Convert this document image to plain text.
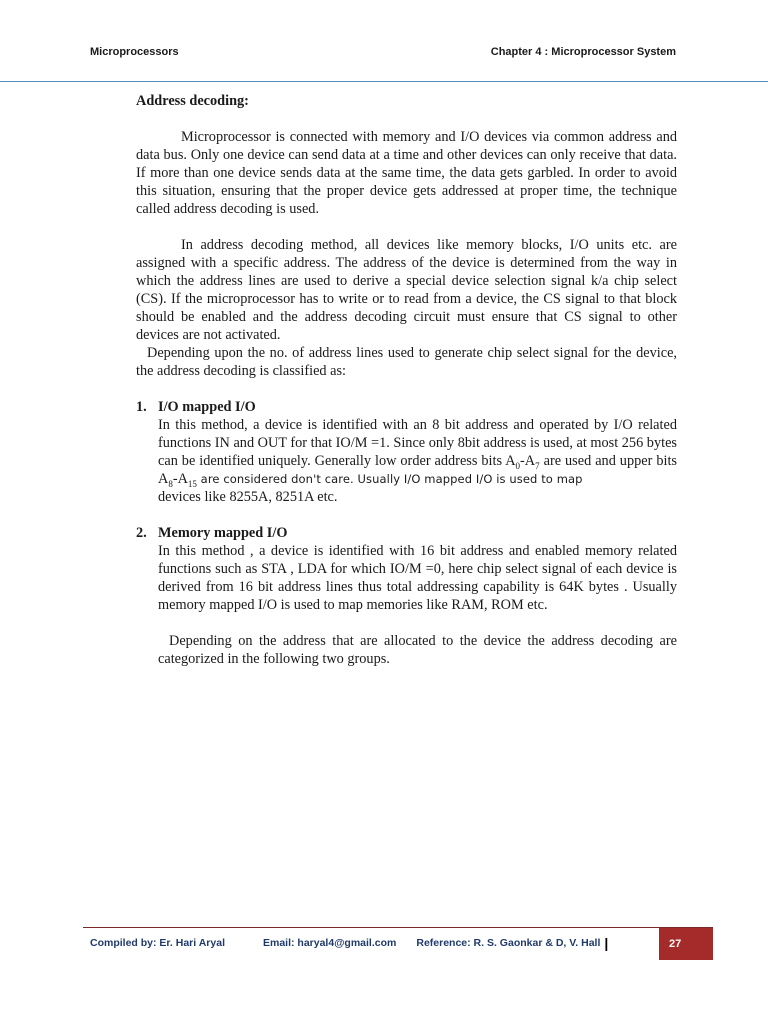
Microprocessors	Chapter 4 : Microprocessor System

Address decoding:

Microprocessor is connected with memory and I/O devices via common address and data bus. Only one device can send data at a time and other devices can only receive that data. If more than one device sends data at the same time, the data gets garbled. In order to avoid this situation, ensuring that the proper device gets addressed at proper time, the technique called address decoding is used.

In address decoding method, all devices like memory blocks, I/O units etc. are assigned with a specific address. The address of the device is determined from the way in which the address lines are used to derive a special device selection signal k/a chip select (CS). If the microprocessor has to write or to read from a device, the CS signal to that block should be enabled and the address decoding circuit must ensure that CS signal to other devices are not activated.

Depending upon the no. of address lines used to generate chip select signal for the device, the address decoding is classified as:

1. I/O mapped I/O

In this method, a device is identified with an 8 bit address and operated by I/O related functions IN and OUT for that IO/M =1. Since only 8bit address is used, at most 256 bytes can be identified uniquely. Generally low order address bits $A_0-A_7$ are used and upper bits $A_8-A_{15}$ are considered don't care. Usually I/O mapped I/O is used to map

devices like 8255A, 8251A etc.

2. Memory mapped I/O

In this method , a device is identified with 16 bit address and enabled memory related functions such as STA , LDA for which IO/M =0, here chip select signal of each device is derived from 16 bit address lines thus total addressing capability is 64K bytes . Usually memory mapped I/O is used to map memories like RAM, ROM etc.

Depending on the address that are allocated to the device the address decoding are categorized in the following two groups.

Compiled by: Er. Hari Aryal	Email: haryal4@gmail.com Reference: R. S. Gaonkar & D, V. Hall |	27
